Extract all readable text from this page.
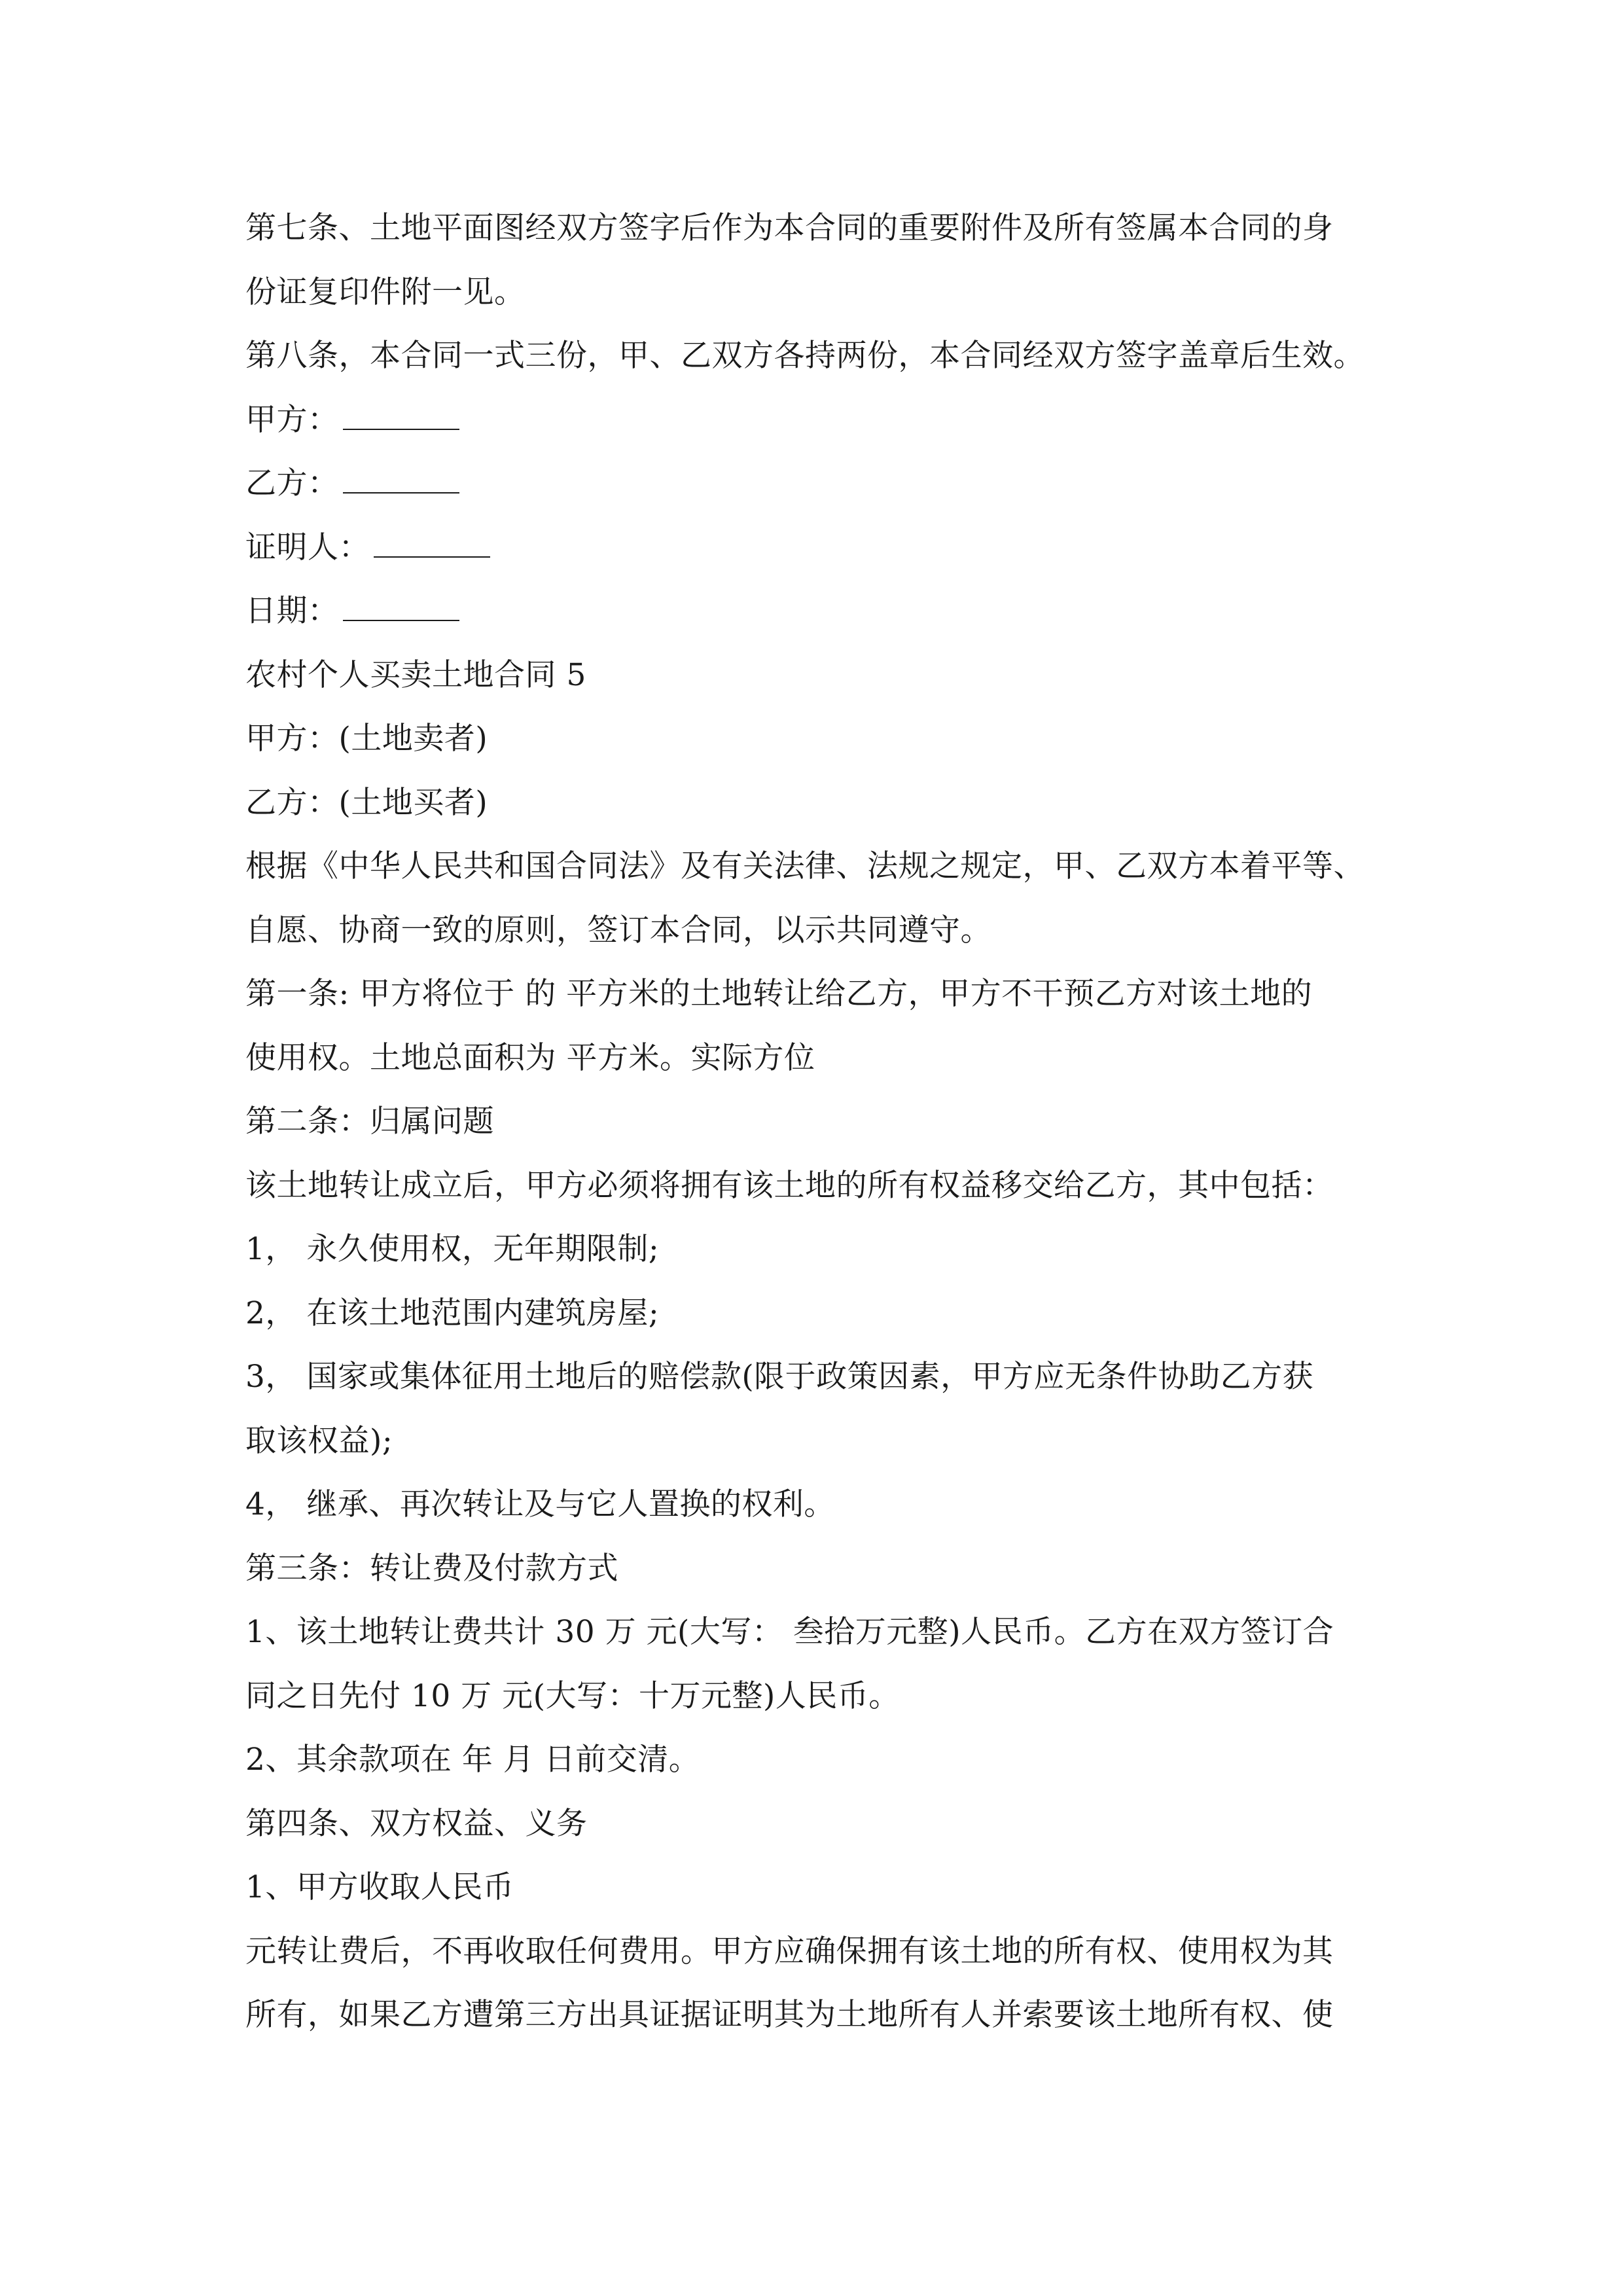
第七条、土地平面图经双方签字后作为本合同的重要附件及所有签属本合同的身
份证复印件附一见。
第八条，本合同一式三份，甲、乙双方各持两份，本合同经双方签字盖章后生效。
甲方：
乙方：
证明人：
日期：
农村个人买卖土地合同 5
甲方：(土地卖者)
乙方：(土地买者)
根据《中华人民共和国合同法》及有关法律、法规之规定，甲、乙双方本着平等、
自愿、协商一致的原则，签订本合同，以示共同遵守。
第一条: 甲方将位于 的 平方米的土地转让给乙方，甲方不干预乙方对该土地的
使用权。土地总面积为 平方米。实际方位
第二条：归属问题
该土地转让成立后，甲方必须将拥有该土地的所有权益移交给乙方，其中包括：
1， 永久使用权，无年期限制;
2， 在该土地范围内建筑房屋;
3， 国家或集体征用土地后的赔偿款(限于政策因素，甲方应无条件协助乙方获
取该权益);
4， 继承、再次转让及与它人置换的权利。
第三条：转让费及付款方式
1、该土地转让费共计 30 万 元(大写： 叁拾万元整)人民币。乙方在双方签订合
同之日先付 10 万 元(大写：十万元整)人民币。
2、其余款项在 年 月 日前交清。
第四条、双方权益、义务
1、甲方收取人民币
元转让费后，不再收取任何费用。甲方应确保拥有该土地的所有权、使用权为其
所有，如果乙方遭第三方出具证据证明其为土地所有人并索要该土地所有权、使
